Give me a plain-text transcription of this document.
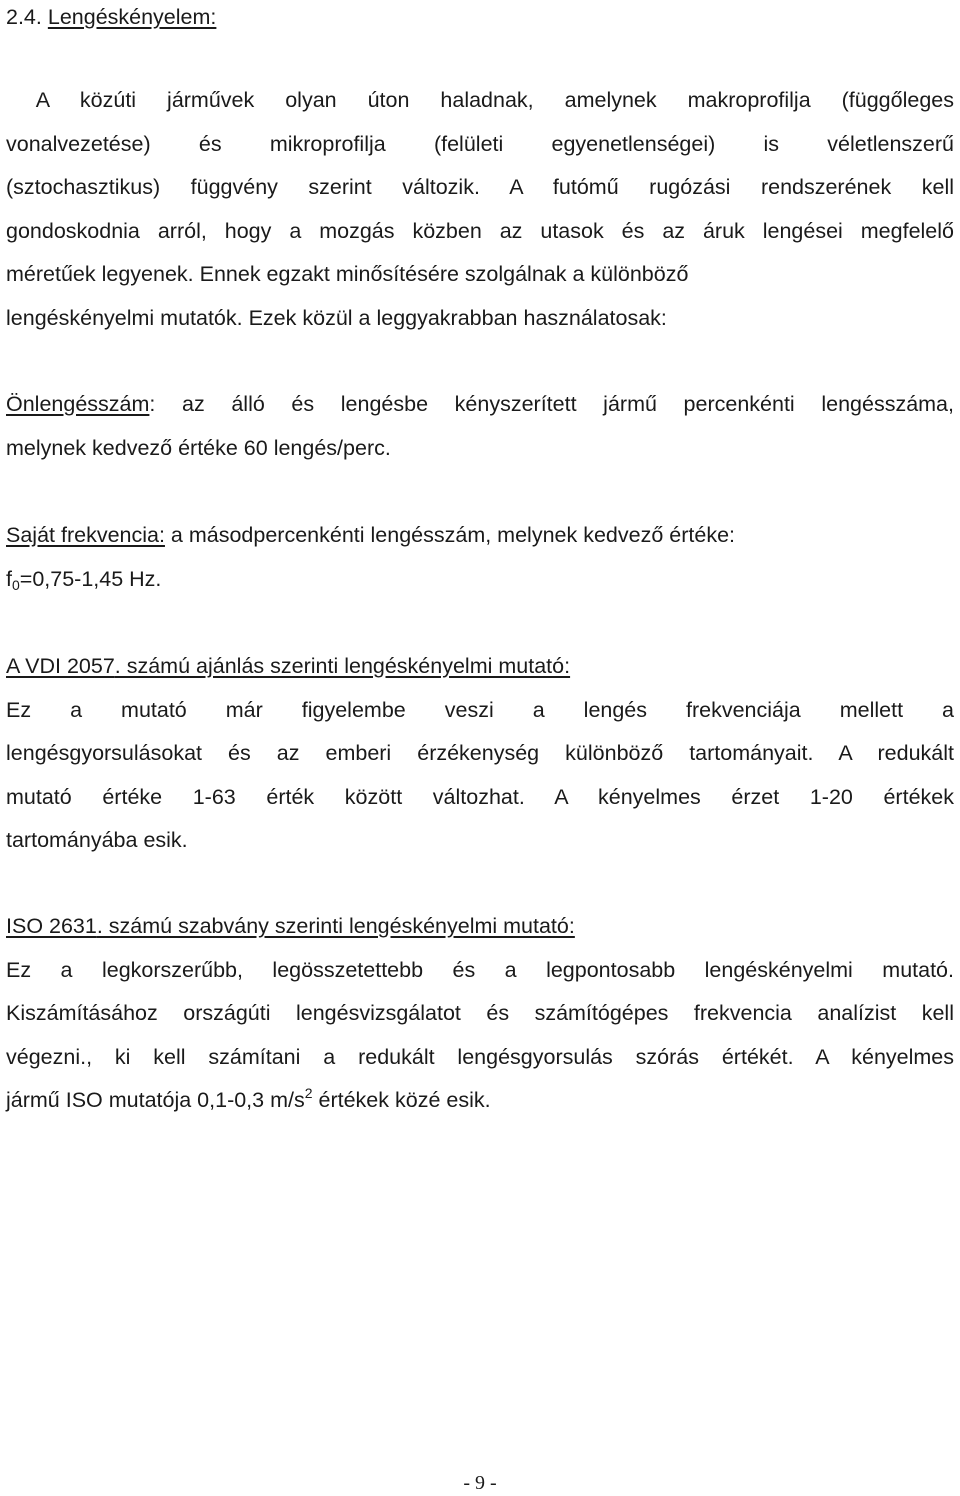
2.4. Lengéskényelem:
A közúti járművek olyan úton haladnak, amelynek makroprofilja (függőleges
vonalvezetése) és mikroprofilja (felületi egyenetlenségei) is véletlenszerű
(sztochasztikus) függvény szerint változik. A futómű rugózási rendszerének kell
gondoskodnia arról, hogy a mozgás közben az utasok és az áruk lengései megfelelő
méretűek legyenek. Ennek egzakt minősítésére szolgálnak a különböző
lengéskényelmi mutatók. Ezek közül a leggyakrabban használatosak:
Önlengésszám: az álló és lengésbe kényszerített jármű percenkénti lengésszáma,
melynek kedvező értéke 60 lengés/perc.
Saját frekvencia: a másodpercenkénti lengésszám, melynek kedvező értéke:
$f_0=0,75-1,45$ Hz.
A VDI 2057. számú ajánlás szerinti lengéskényelmi mutató:
Ez a mutató már figyelembe veszi a lengés frekvenciája mellett a
lengésgyorsulásokat és az emberi érzékenység különböző tartományait. A redukált
mutató értéke 1-63 érték között változhat. A kényelmes érzet 1-20 értékek
tartományába esik.
ISO 2631. számú szabvány szerinti lengéskényelmi mutató:
Ez a legkorszerűbb, legösszetettebb és a legpontosabb lengéskényelmi mutató.
Kiszámításához országúti lengésvizsgálatot és számítógépes frekvencia analízist kell
végezni., ki kell számítani a redukált lengésgyorsulás szórás értékét. A kényelmes
jármű ISO mutatója 0,1-0,3 $m/s^2$ értékek közé esik.
- 9 -
